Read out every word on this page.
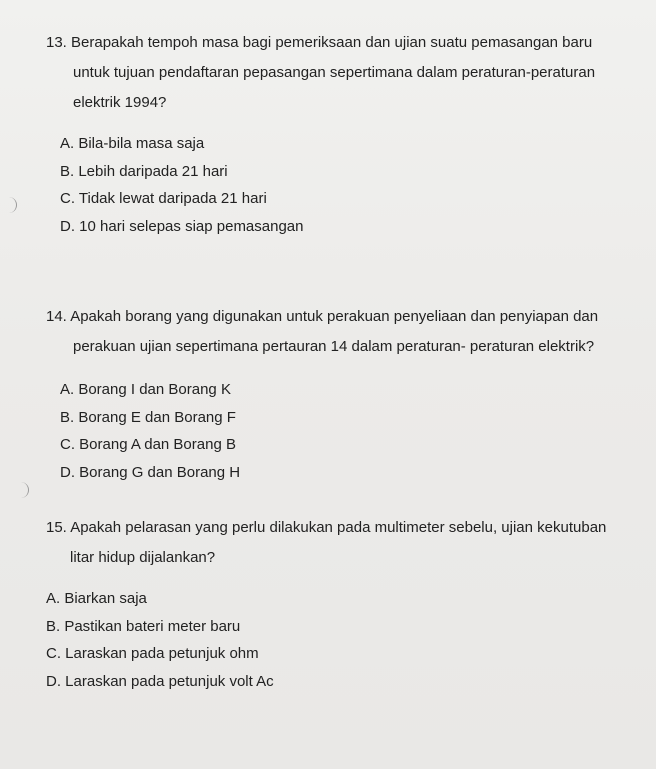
13. Berapakah tempoh masa bagi pemeriksaan dan ujian suatu pemasangan baru
untuk tujuan pendaftaran pepasangan sepertimana dalam peraturan-peraturan
elektrik 1994?
A. Bila-bila masa saja
B. Lebih daripada 21 hari
C. Tidak lewat daripada 21 hari
D. 10 hari selepas siap pemasangan
14. Apakah borang yang digunakan untuk perakuan penyeliaan dan penyiapan dan
perakuan ujian sepertimana pertauran 14 dalam peraturan- peraturan elektrik?
A. Borang I dan Borang K
B. Borang E dan Borang F
C. Borang A dan Borang B
D. Borang G dan Borang H
15. Apakah pelarasan yang perlu dilakukan pada multimeter sebelu, ujian kekutuban
litar hidup dijalankan?
A. Biarkan saja
B. Pastikan bateri meter baru
C. Laraskan pada petunjuk ohm
D. Laraskan pada petunjuk volt Ac
